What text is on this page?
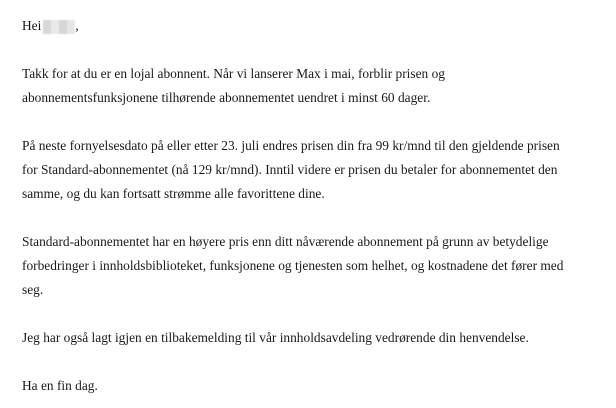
Hei	,

Takk for at du er en lojal abonnent. Når vi lanserer Max i mai, forblir prisen og
abonnementsfunksjonene tilhørende abonnementet uendret i minst 60 dager.

På neste fornyelsesdato på eller etter 23. juli endres prisen din fra 99 kr/mnd til den gjeldende prisen
for Standard-abonnementet (nå 129 kr/mnd). Inntil videre er prisen du betaler for abonnementet den
samme, og du kan fortsatt strømme alle favorittene dine.

Standard-abonnementet har en høyere pris enn ditt nåværende abonnement på grunn av betydelige
forbedringer i innholdsbiblioteket, funksjonene og tjenesten som helhet, og kostnadene det fører med
seg.

Jeg har også lagt igjen en tilbakemelding til vår innholdsavdeling vedrørende din henvendelse.

Ha en fin dag.
